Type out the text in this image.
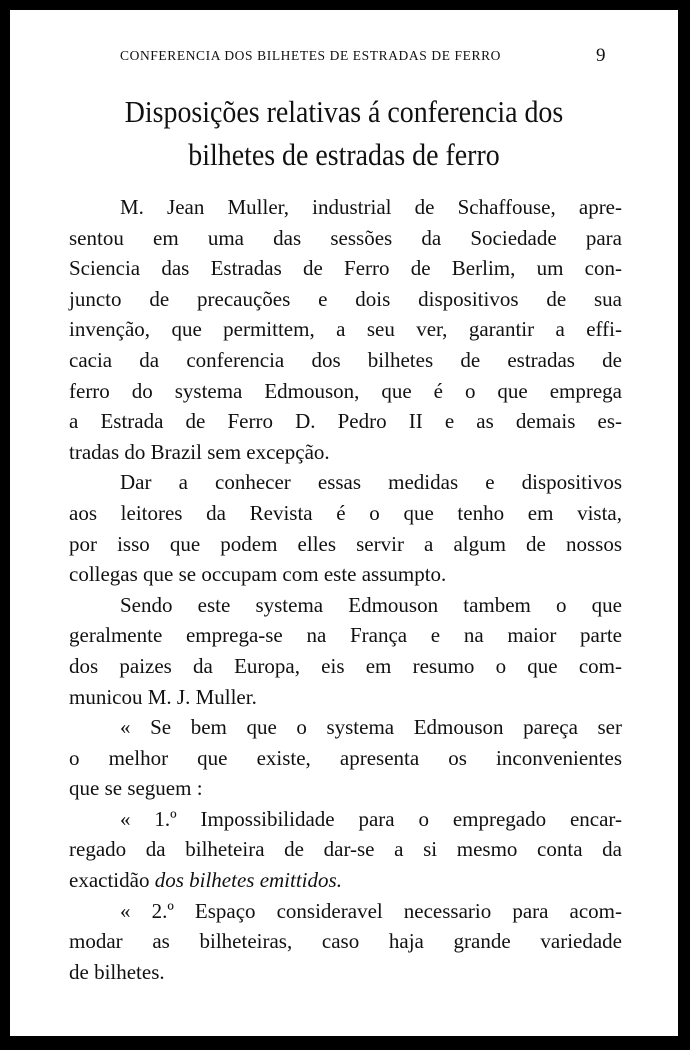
CONFERENCIA DOS BILHETES DE ESTRADAS DE FERRO	9
Disposições relativas á conferencia dos
bilhetes de estradas de ferro
M. Jean Muller, industrial de Schaffouse, apre-
sentou em uma das sessões da Sociedade para
Sciencia das Estradas de Ferro de Berlim, um con-
juncto de precauções e dois dispositivos de sua
invenção, que permittem, a seu ver, garantir a effi-
cacia da conferencia dos bilhetes de estradas de
ferro do systema Edmouson, que é o que emprega
a Estrada de Ferro D. Pedro II e as demais es-
tradas do Brazil sem excepção.
Dar a conhecer essas medidas e dispositivos
aos leitores da Revista é o que tenho em vista,
por isso que podem elles servir a algum de nossos
collegas que se occupam com este assumpto.
Sendo este systema Edmouson tambem o que
geralmente emprega-se na França e na maior parte
dos paizes da Europa, eis em resumo o que com-
municou M. J. Muller.
« Se bem que o systema Edmouson pareça ser
o melhor que existe, apresenta os inconvenientes
que se seguem :
« 1.º Impossibilidade para o empregado encar-
regado da bilheteira de dar-se a si mesmo conta da
exactidão dos bilhetes emittidos.
« 2.º Espaço consideravel necessario para acom-
modar as bilheteiras, caso haja grande variedade
de bilhetes.
